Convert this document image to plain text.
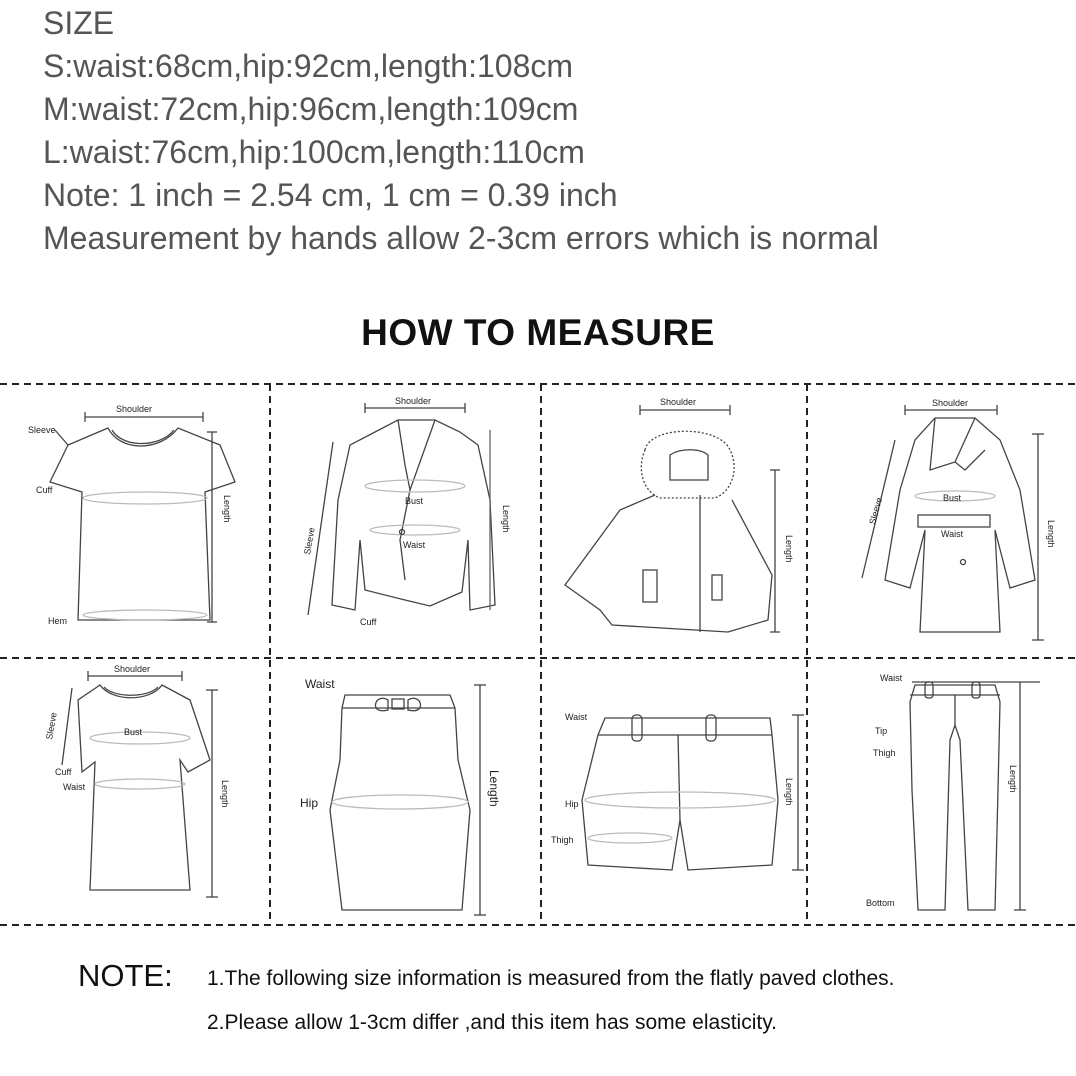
SIZE
S:waist:68cm,hip:92cm,length:108cm
M:waist:72cm,hip:96cm,length:109cm
L:waist:76cm,hip:100cm,length:110cm
Note: 1 inch = 2.54 cm, 1 cm = 0.39 inch
Measurement by hands allow 2-3cm errors which is normal
HOW TO MEASURE
Shoulder
Sleeve
Cuff
Hem
Length
Shoulder
Bust
Waist
Cuff
Sleeve
Length
Shoulder
Length
Shoulder
Bust
Waist
Sleeve
Length
Shoulder
Bust
Cuff
Waist
Sleeve
Length
Waist
Hip	Length
Waist
Hip
Thigh
Length
Waist
Tip
Thigh
Bottom
Length
NOTE: 1.The following size information is measured from the flatly paved clothes.
2.Please allow 1-3cm differ ,and this item has some elasticity.
